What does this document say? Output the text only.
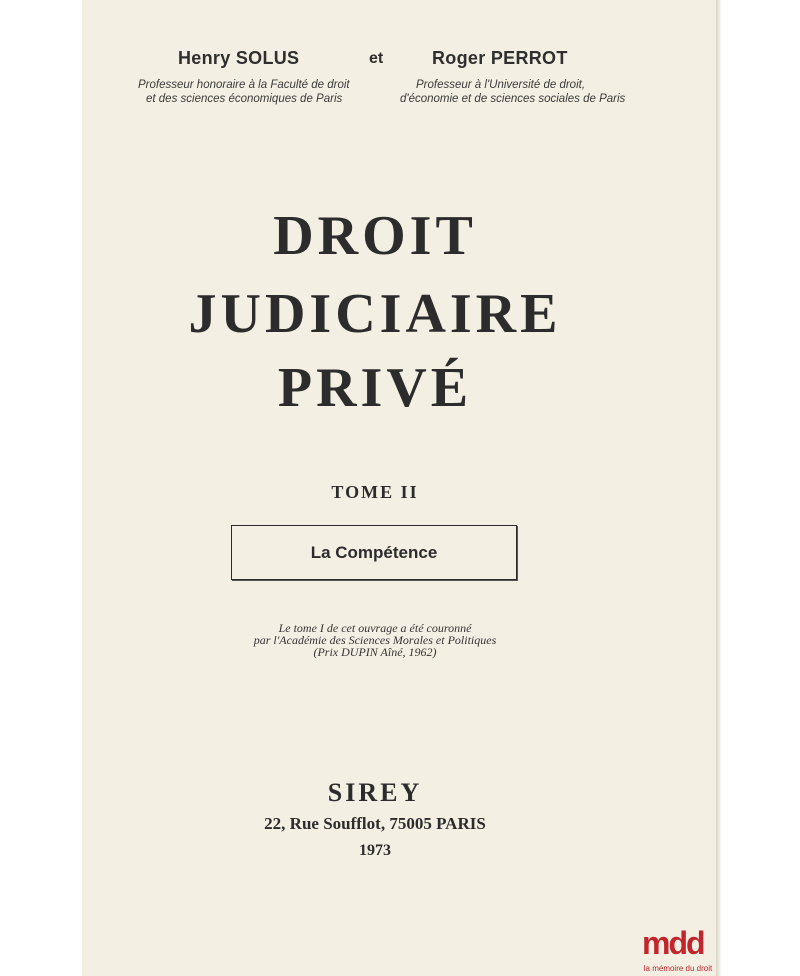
Henry SOLUS	et	Roger PERROT
Professeur honoraire à la Faculté de droit
et des sciences économiques de Paris
Professeur à l'Université de droit,
d'économie et de sciences sociales de Paris
DROIT
JUDICIAIRE
PRIVÉ
TOME II
La Compétence
Le tome I de cet ouvrage a été couronné
par l'Académie des Sciences Morales et Politiques
(Prix DUPIN Aîné, 1962)
SIREY
22, Rue Soufflot, 75005 PARIS
1973
mdd
la mémoire du droit
